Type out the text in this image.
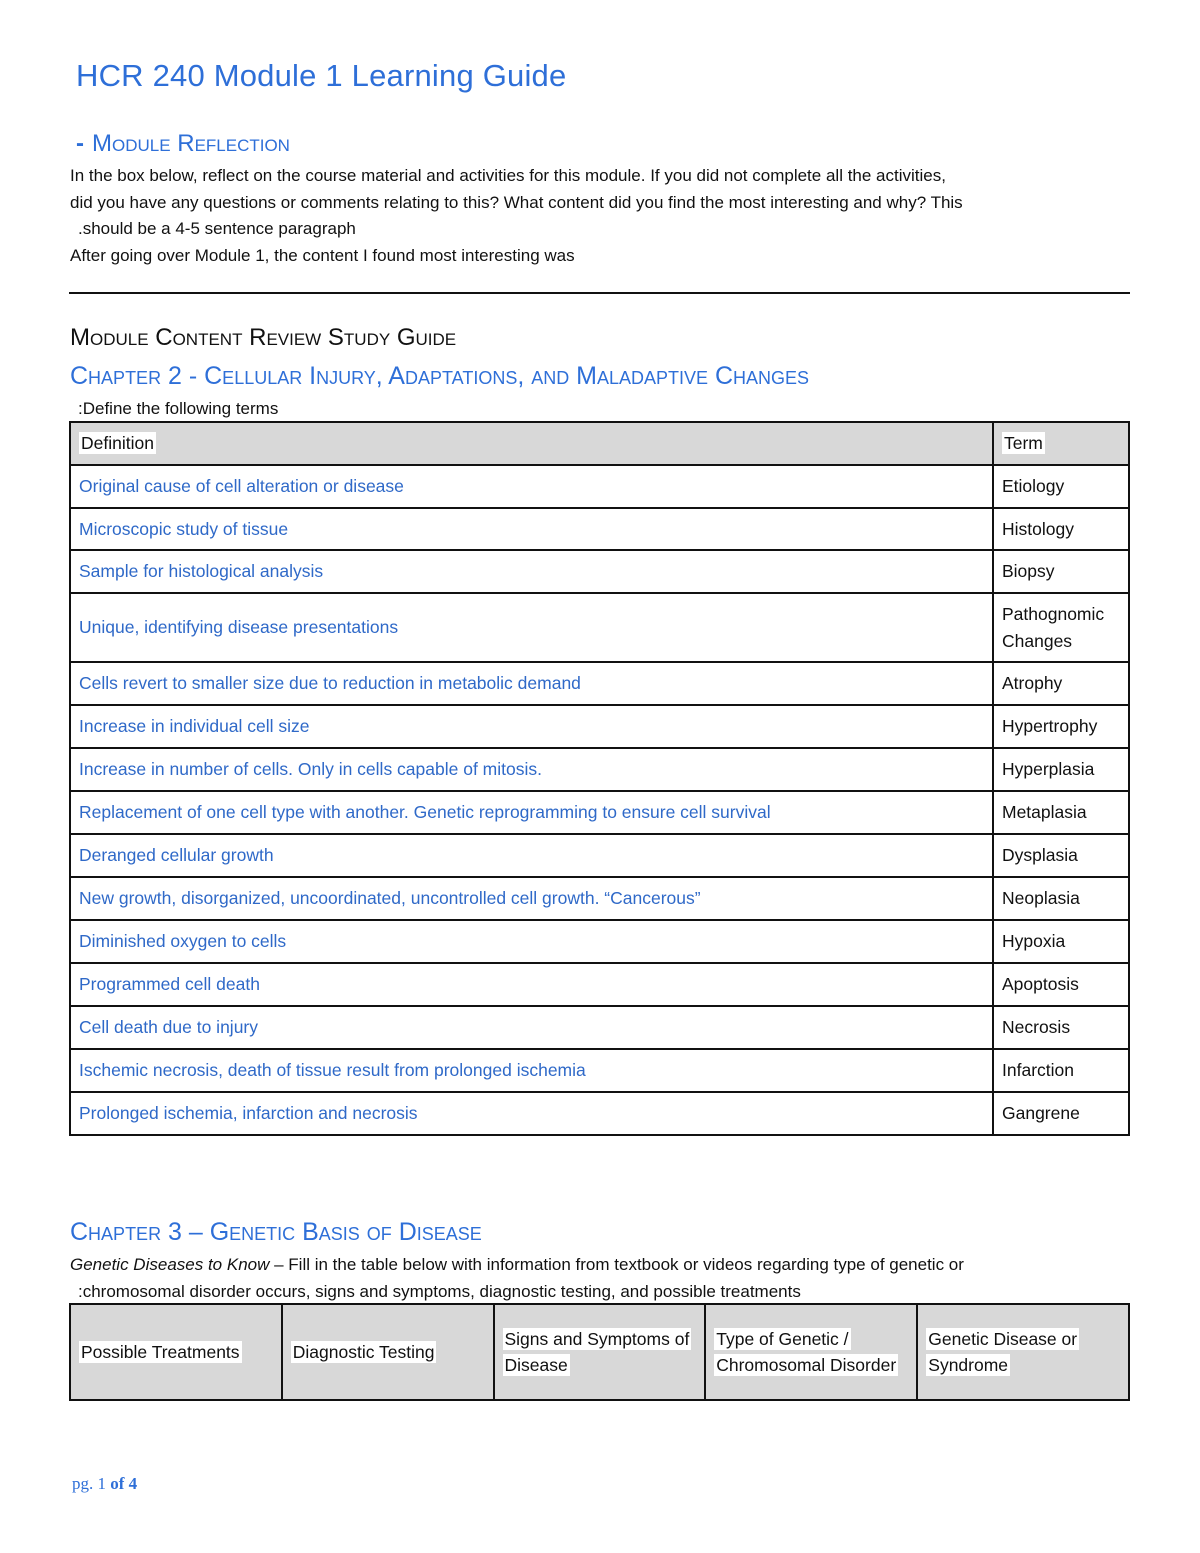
HCR 240 Module 1 Learning Guide
- Module Reflection
In the box below, reflect on the course material and activities for this module. If you did not complete all the activities,
did you have any questions or comments relating to this? What content did you find the most interesting and why? This
.should be a 4-5 sentence paragraph
After going over Module 1, the content I found most interesting was
Module Content Review Study Guide
Chapter 2 - Cellular Injury, Adaptations, and Maladaptive Changes
:Define the following terms
Definition	Term
Original cause of cell alteration or disease	Etiology
Microscopic study of tissue	Histology
Sample for histological analysis	Biopsy
Unique, identifying disease presentations	Pathognomic Changes
Cells revert to smaller size due to reduction in metabolic demand	Atrophy
Increase in individual cell size	Hypertrophy
Increase in number of cells. Only in cells capable of mitosis.	Hyperplasia
Replacement of one cell type with another. Genetic reprogramming to ensure cell survival	Metaplasia
Deranged cellular growth	Dysplasia
New growth, disorganized, uncoordinated, uncontrolled cell growth. “Cancerous”	Neoplasia
Diminished oxygen to cells	Hypoxia
Programmed cell death	Apoptosis
Cell death due to injury	Necrosis
Ischemic necrosis, death of tissue result from prolonged ischemia	Infarction
Prolonged ischemia, infarction and necrosis	Gangrene
Chapter 3 – Genetic Basis of Disease
Genetic Diseases to Know – Fill in the table below with information from textbook or videos regarding type of genetic or
:chromosomal disorder occurs, signs and symptoms, diagnostic testing, and possible treatments
Possible Treatments	Diagnostic Testing	Signs and Symptoms of Disease	Type of Genetic / Chromosomal Disorder	Genetic Disease or Syndrome
pg. 1 of 4
